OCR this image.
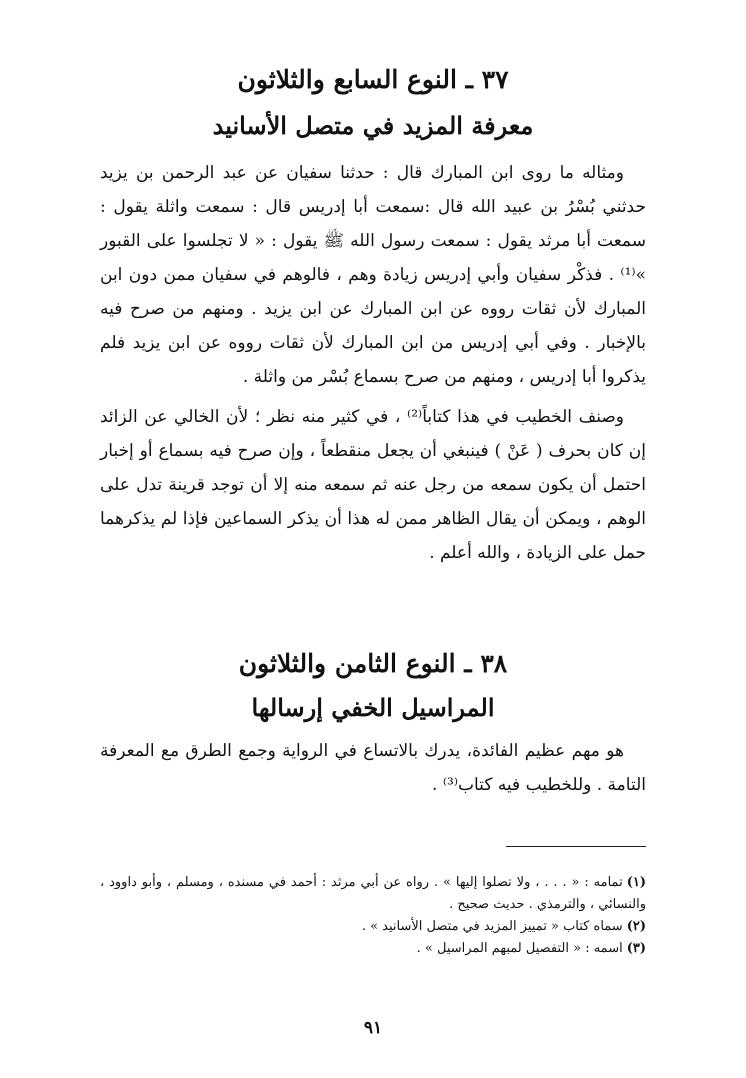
٣٧ ـ النوع السابع والثلاثون
معرفة المزيد في متصل الأسانيد

ومثاله ما روى ابن المبارك قال : حدثنا سفيان عن عبد الرحمن بن يزيد حدثني بُسْرُ بن عبيد الله قال :سمعت أبا إدريس قال : سمعت واثلة يقول : سمعت أبا مرثد يقول : سمعت رسول الله ﷺ يقول : « لا تجلسوا على القبور »⁽¹⁾ . فذكْر سفيان وأبي إدريس زيادة وهم ، فالوهم في سفيان ممن دون ابن المبارك لأن ثقات رووه عن ابن المبارك عن ابن يزيد . ومنهم من صرح فيه بالإخبار . وفي أبي إدريس من ابن المبارك لأن ثقات رووه عن ابن يزيد فلم يذكروا أبا إدريس ، ومنهم من صرح بسماع بُسْر من واثلة .

وصنف الخطيب في هذا كتاباً⁽²⁾ ، في كثير منه نظر ؛ لأن الخالي عن الزائد إن كان بحرف ( عَنْ ) فينبغي أن يجعل منقطعاً ، وإن صرح فيه بسماع أو إخبار احتمل أن يكون سمعه من رجل عنه ثم سمعه منه إلا أن توجد قرينة تدل على الوهم ، ويمكن أن يقال الظاهر ممن له هذا أن يذكر السماعين فإذا لم يذكرهما حمل على الزيادة ، والله أعلم .

٣٨ ـ النوع الثامن والثلاثون
المراسيل الخفي إرسالها

هو مهم عظيم الفائدة، يدرك بالاتساع في الرواية وجمع الطرق مع المعرفة التامة . وللخطيب فيه كتاب⁽³⁾ .

(١)تمامه : « . . . ، ولا تصلوا إليها » . رواه عن أبي مرثد : أحمد في مسنده ، ومسلم ، وأبو داوود ، والنسائي ، والترمذي . حديث صحيح .

(٢)سماه كتاب « تمييز المزيد في متصل الأسانيد » .

(٣)اسمه : « التفصيل لمبهم المراسيل » .

٩١
